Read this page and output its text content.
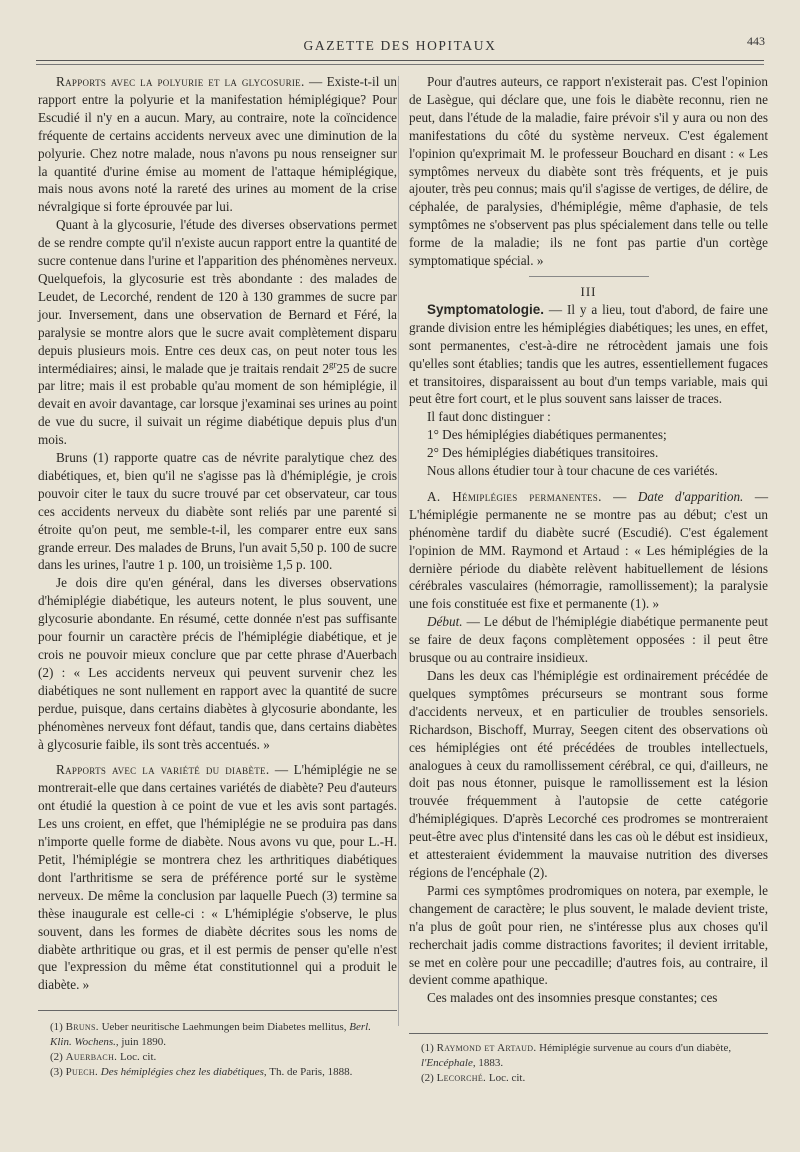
GAZETTE DES HOPITAUX	443

Rapports avec la polyurie et la glycosurie. — Existe-t-il un rapport entre la polyurie et la manifestation hémiplégique? Pour Escudié il n'y en a aucun. Mary, au contraire, note la coïncidence fréquente de certains accidents nerveux avec une diminution de la polyurie. Chez notre malade, nous n'avons pu nous renseigner sur la quantité d'urine émise au moment de l'attaque hémiplégique, mais nous avons noté la rareté des urines au moment de la crise névralgique si forte éprouvée par lui.

Quant à la glycosurie, l'étude des diverses observations permet de se rendre compte qu'il n'existe aucun rapport entre la quantité de sucre contenue dans l'urine et l'apparition des phénomènes nerveux. Quelquefois, la glycosurie est très abondante : des malades de Leudet, de Lecorché, rendent de 120 à 130 grammes de sucre par jour. Inversement, dans une observation de Bernard et Féré, la paralysie se montre alors que le sucre avait complètement disparu depuis plusieurs mois. Entre ces deux cas, on peut noter tous les intermédiaires; ainsi, le malade que je traitais rendait $2^{gr}25$ de sucre par litre; mais il est probable qu'au moment de son hémiplégie, il devait en avoir davantage, car lorsque j'examinai ses urines au point de vue du sucre, il suivait un régime diabétique depuis plus d'un mois.

Bruns (1) rapporte quatre cas de névrite paralytique chez des diabétiques, et, bien qu'il ne s'agisse pas là d'hémiplégie, je crois pouvoir citer le taux du sucre trouvé par cet observateur, car tous ces accidents nerveux du diabète sont reliés par une parenté si étroite qu'on peut, me semble-t-il, les comparer entre eux sans grande erreur. Des malades de Bruns, l'un avait 5,50 p. 100 de sucre dans les urines, l'autre 1 p. 100, un troisième 1,5 p. 100.

Je dois dire qu'en général, dans les diverses observations d'hémiplégie diabétique, les auteurs notent, le plus souvent, une glycosurie abondante. En résumé, cette donnée n'est pas suffisante pour fournir un caractère précis de l'hémiplégie diabétique, et je crois ne pouvoir mieux conclure que par cette phrase d'Auerbach (2) : « Les accidents nerveux qui peuvent survenir chez les diabétiques ne sont nullement en rapport avec la quantité de sucre perdue, puisque, dans certains diabètes à glycosurie abondante, les phénomènes nerveux font défaut, tandis que, dans certains diabètes à glycosurie faible, ils sont très accentués. »

Rapports avec la variété du diabète. — L'hémiplégie ne se montrerait-elle que dans certaines variétés de diabète? Peu d'auteurs ont étudié la question à ce point de vue et les avis sont partagés. Les uns croient, en effet, que l'hémiplégie ne se produira pas dans n'importe quelle forme de diabète. Nous avons vu que, pour L.-H. Petit, l'hémiplégie se montrera chez les arthritiques diabétiques dont l'arthritisme se sera de préférence porté sur le système nerveux. De même la conclusion par laquelle Puech (3) termine sa thèse inaugurale est celle-ci : « L'hémiplégie s'observe, le plus souvent, dans les formes de diabète décrites sous les noms de diabète arthritique ou gras, et il est permis de penser qu'elle n'est que l'expression du même état constitutionnel qui a produit le diabète. »

Pour d'autres auteurs, ce rapport n'existerait pas. C'est l'opinion de Lasègue, qui déclare que, une fois le diabète reconnu, rien ne peut, dans l'étude de la maladie, faire prévoir s'il y aura ou non des manifestations du côté du système nerveux. C'est également l'opinion qu'exprimait M. le professeur Bouchard en disant : « Les symptômes nerveux du diabète sont très fréquents, et je puis ajouter, très peu connus; mais qu'il s'agisse de vertiges, de délire, de céphalée, de paralysies, d'hémiplégie, même d'aphasie, de tels symptômes ne s'observent pas plus spécialement dans telle ou telle forme de la maladie; ils ne font pas partie d'un cortège symptomatique spécial. »

III

Symptomatologie. — Il y a lieu, tout d'abord, de faire une grande division entre les hémiplégies diabétiques; les unes, en effet, sont permanentes, c'est-à-dire ne rétrocèdent jamais une fois qu'elles sont établies; tandis que les autres, essentiellement fugaces et transitoires, disparaissent au bout d'un temps variable, mais qui peut être fort court, et le plus souvent sans laisser de traces.

Il faut donc distinguer :

1° Des hémiplégies diabétiques permanentes;

2° Des hémiplégies diabétiques transitoires.

Nous allons étudier tour à tour chacune de ces variétés.

A. Hémiplégies permanentes. — Date d'apparition. — L'hémiplégie permanente ne se montre pas au début; c'est un phénomène tardif du diabète sucré (Escudié). C'est également l'opinion de MM. Raymond et Artaud : « Les hémiplégies de la dernière période du diabète relèvent habituellement de lésions cérébrales vasculaires (hémorragie, ramollissement); la paralysie une fois constituée est fixe et permanente (1). »

Début. — Le début de l'hémiplégie diabétique permanente peut se faire de deux façons complètement opposées : il peut être brusque ou au contraire insidieux.

Dans les deux cas l'hémiplégie est ordinairement précédée de quelques symptômes précurseurs se montrant sous forme d'accidents nerveux, et en particulier de troubles sensoriels. Richardson, Bischoff, Murray, Seegen citent des observations où ces hémiplégies ont été précédées de troubles intellectuels, analogues à ceux du ramollissement cérébral, ce qui, d'ailleurs, ne doit pas nous étonner, puisque le ramollissement est la lésion trouvée fréquemment à l'autopsie de cette catégorie d'hémiplégiques. D'après Lecorché ces prodromes se montreraient peut-être avec plus d'intensité dans les cas où le début est insidieux, et attesteraient évidemment la mauvaise nutrition des diverses régions de l'encéphale (2).

Parmi ces symptômes prodromiques on notera, par exemple, le changement de caractère; le plus souvent, le malade devient triste, n'a plus de goût pour rien, ne s'intéresse plus aux choses qu'il recherchait jadis comme distractions favorites; il devient irritable, se met en colère pour une peccadille; d'autres fois, au contraire, il devient comme apathique.

Ces malades ont des insomnies presque constantes; ces

(1) Bruns. Ueber neuritische Laehmungen beim Diabetes mellitus, Berl. Klin. Wochens., juin 1890.
(2) Auerbach. Loc. cit.
(3) Puech. Des hémiplégies chez les diabétiques, Th. de Paris, 1888.
(1) Raymond et Artaud. Hémiplégie survenue au cours d'un diabète, l'Encéphale, 1883.
(2) Lecorché. Loc. cit.
